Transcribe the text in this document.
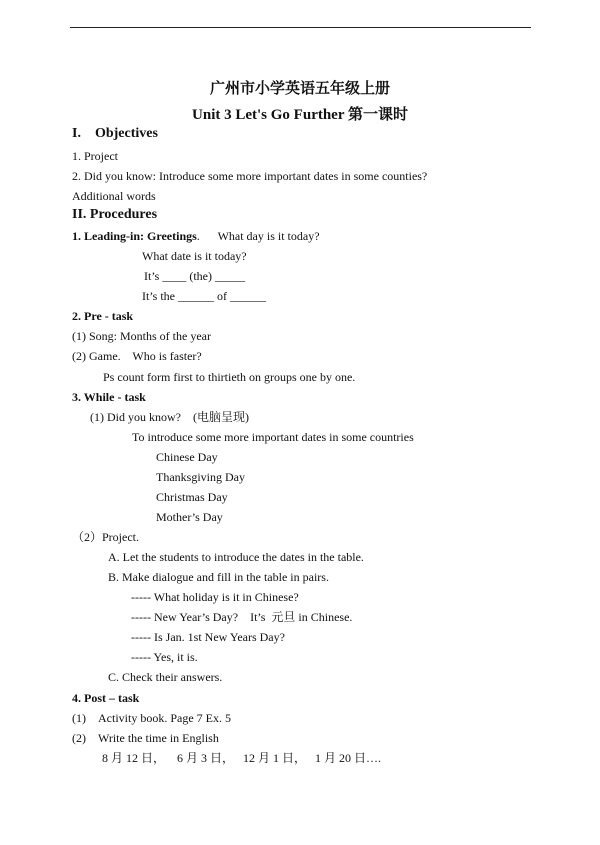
广州市小学英语五年级上册
Unit 3 Let's Go Further 第一课时
I.    Objectives
1. Project
2. Did you know: Introduce some more important dates in some counties?
Additional words
II. Procedures
1. Leading-in: Greetings.      What day is it today?
What date is it today?
It’s ____ (the) _____
It’s the ______ of ______
2. Pre - task
(1) Song: Months of the year
(2) Game.    Who is faster?
Ps count form first to thirtieth on groups one by one.
3. While - task
(1) Did you know?    (电脑呈现)
To introduce some more important dates in some countries
Chinese Day
Thanksgiving Day
Christmas Day
Mother’s Day
（2）Project.
A. Let the students to introduce the dates in the table.
B. Make dialogue and fill in the table in pairs.
----- What holiday is it in Chinese?
----- New Year’s Day?    It’s  元旦 in Chinese.
----- Is Jan. 1st New Years Day?
----- Yes, it is.
C. Check their answers.
4. Post – task
(1) Activity book. Page 7 Ex. 5
(2) Write the time in English
8 月 12 日，    6 月 3 日，   12 月 1 日，   1 月 20 日….
